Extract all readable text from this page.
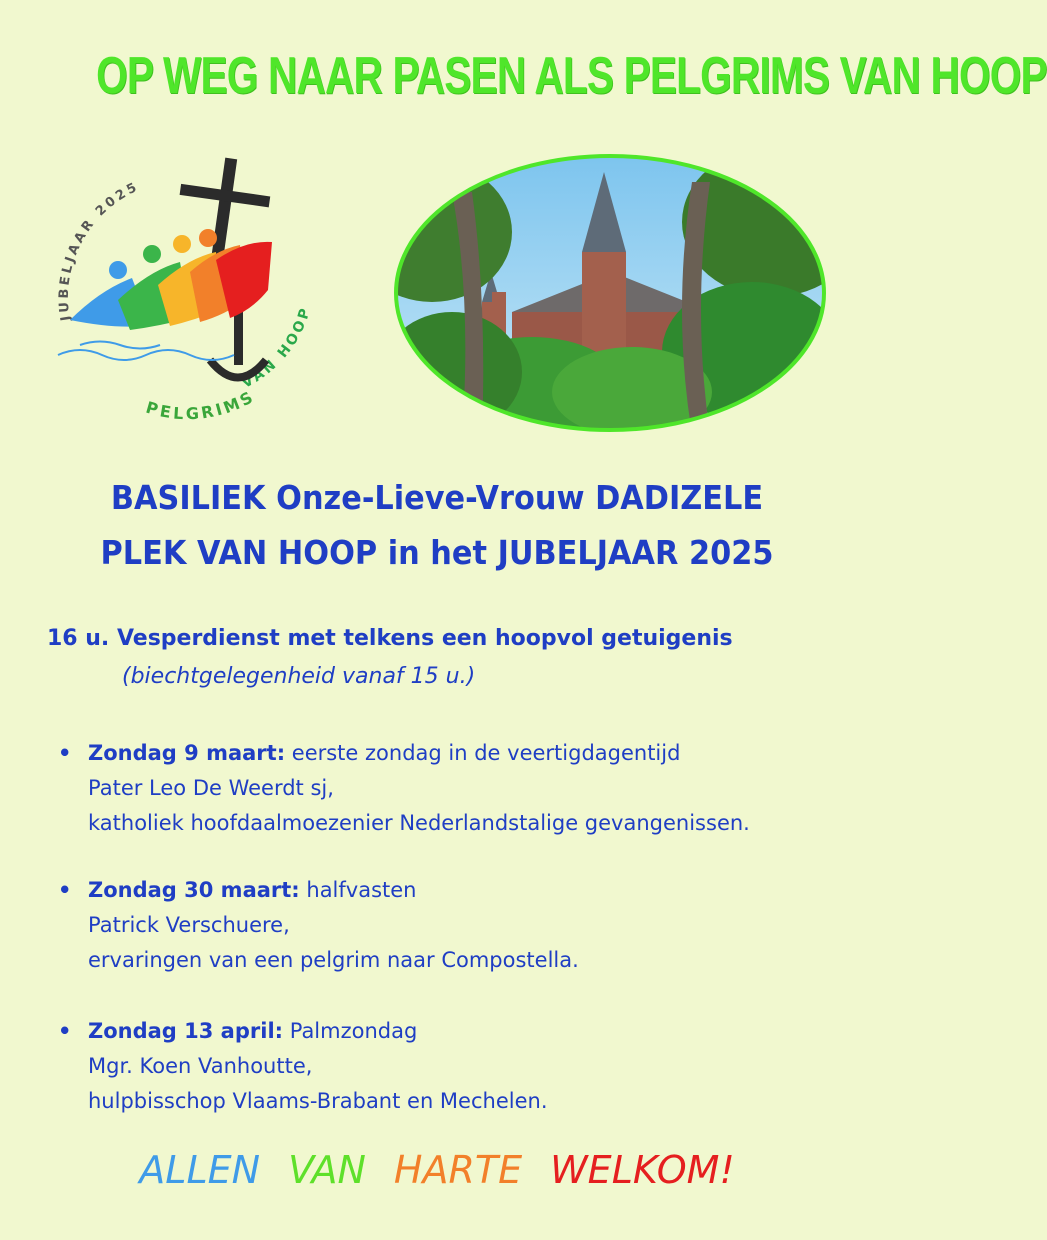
OP WEG NAAR PASEN ALS PELGRIMS VAN HOOP
JUBELJAAR 2025
VAN HOOP
PELGRIMS
BASILIEK Onze-Lieve-Vrouw DADIZELE
PLEK VAN HOOP in het JUBELJAAR 2025
16 u. Vesperdienst met telkens een hoopvol getuigenis
(biechtgelegenheid vanaf 15 u.)
• Zondag 9 maart: eerste zondag in de veertigdagentijd
Pater Leo De Weerdt sj,
katholiek hoofdaalmoezenier Nederlandstalige gevangenissen.
• Zondag 30 maart: halfvasten
Patrick Verschuere,
ervaringen van een pelgrim naar Compostella.
• Zondag 13 april: Palmzondag
Mgr. Koen Vanhoutte,
hulpbisschop Vlaams-Brabant en Mechelen.
ALLEN VAN HARTE WELKOM!
